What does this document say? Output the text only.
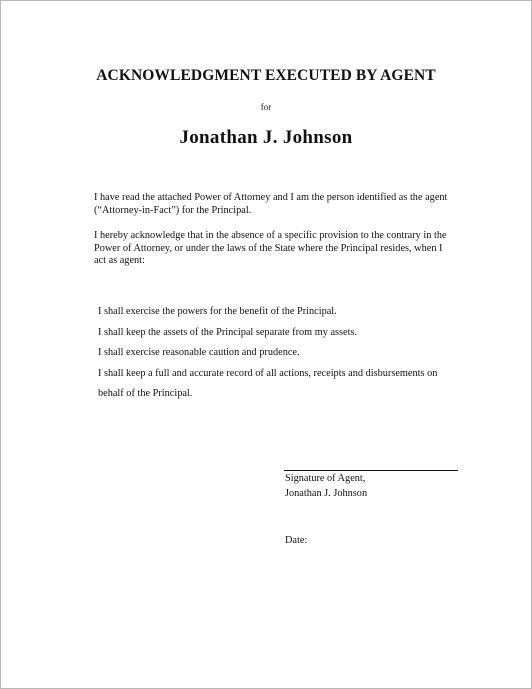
ACKNOWLEDGMENT EXECUTED BY AGENT
for
Jonathan J. Johnson
I have read the attached Power of Attorney and I am the person identified as the agent (“Attorney-in-Fact”) for the Principal.
I hereby acknowledge that in the absence of a specific provision to the contrary in the Power of Attorney, or under the laws of the State where the Principal resides, when I act as agent:

I shall exercise the powers for the benefit of the Principal.

I shall keep the assets of the Principal separate from my assets.

I shall exercise reasonable caution and prudence.

I shall keep a full and accurate record of all actions, receipts and disbursements on behalf of the Principal.

Signature of Agent,
Jonathan J. Johnson
Date:
